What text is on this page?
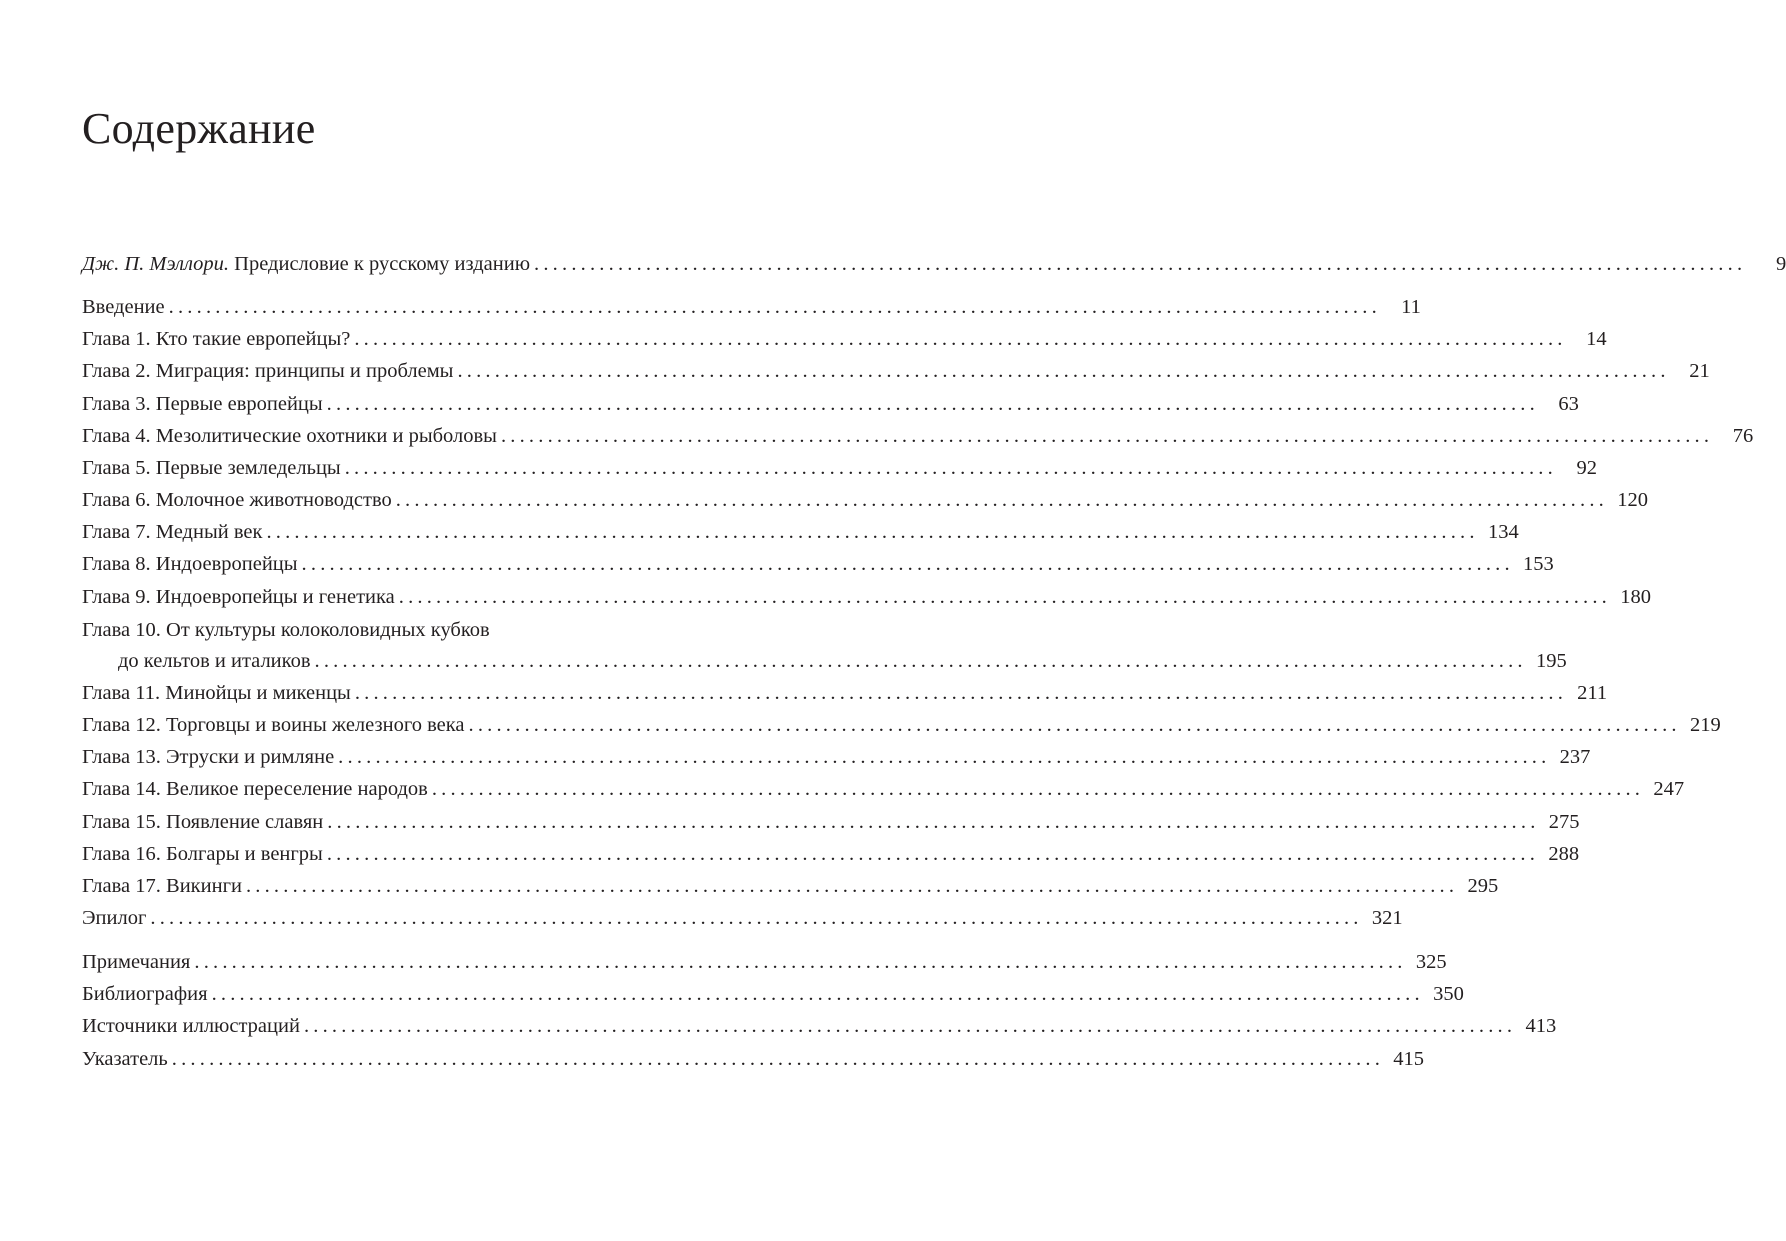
Содержание
Дж. П. Мэллори. Предисловие к русскому изданию ..................................................................................................................................	9
Введение .................................................................................................................................. 11
Глава 1. Кто такие европейцы? .................................................................................................................................. 14
Глава 2. Миграция: принципы и проблемы .................................................................................................................................. 21
Глава 3. Первые европейцы .................................................................................................................................. 63
Глава 4. Мезолитические охотники и рыболовы .................................................................................................................................. 76
Глава 5. Первые земледельцы .................................................................................................................................. 92
Глава 6. Молочное животноводство .................................................................................................................................. 120
Глава 7. Медный век .................................................................................................................................. 134
Глава 8. Индоевропейцы .................................................................................................................................. 153
Глава 9. Индоевропейцы и генетика .................................................................................................................................. 180
Глава 10. От культуры колоколовидных кубков
до кельтов и италиков .................................................................................................................................. 195
Глава 11. Минойцы и микенцы .................................................................................................................................. 211
Глава 12. Торговцы и воины железного века .................................................................................................................................. 219
Глава 13. Этруски и римляне .................................................................................................................................. 237
Глава 14. Великое переселение народов .................................................................................................................................. 247
Глава 15. Появление славян .................................................................................................................................. 275
Глава 16. Болгары и венгры .................................................................................................................................. 288
Глава 17. Викинги .................................................................................................................................. 295
Эпилог .................................................................................................................................. 321
Примечания .................................................................................................................................. 325
Библиография .................................................................................................................................. 350
Источники иллюстраций .................................................................................................................................. 413
Указатель .................................................................................................................................. 415
